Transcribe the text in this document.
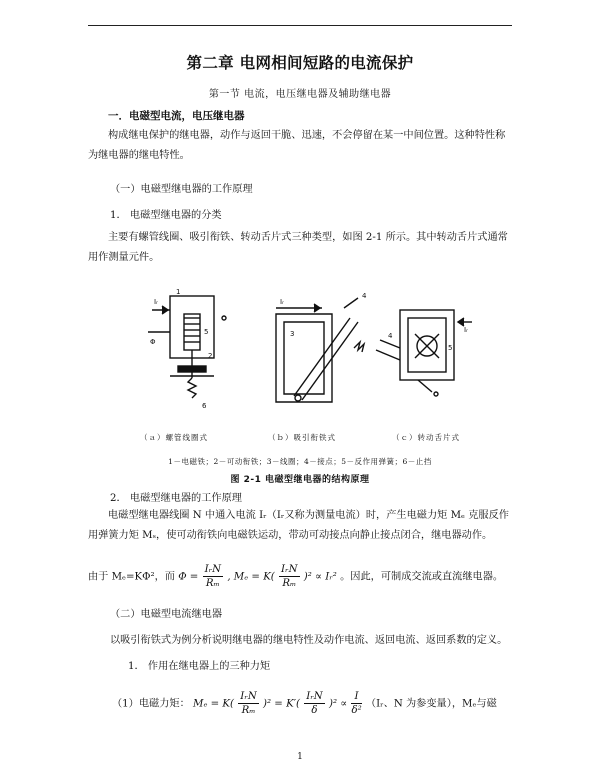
第二章 电网相间短路的电流保护
第一节 电流，电压继电器及辅助继电器
一．电磁型电流，电压继电器
构成继电保护的继电器，动作与返回干脆、迅速，不会停留在某一中间位置。这种特性称为继电器的继电特性。
（一）电磁型继电器的工作原理
1． 电磁型继电器的分类
主要有螺管线圈、吸引衔铁、转动舌片式三种类型，如图 2-1 所示。其中转动舌片式通常用作测量元件。
Iᵣ
Φ
1
5
2
6
Iᵣ
3
4
Iᵣ
4
5
（ａ）螺管线圈式	（ｂ）吸引衔铁式	（ｃ）转动舌片式
1－电磁铁；2－可动衔铁；3－线圈；4－接点；5－反作用弹簧；6－止挡
图 2-1 电磁型继电器的结构原理
2． 电磁型继电器的工作原理
电磁型继电器线圈 N 中通入电流 Iᵣ（Iᵣ又称为测量电流）时，产生电磁力矩 Mₑ 克服反作用弹簧力矩 Mₛ，使可动衔铁向电磁铁运动，带动可动接点向静止接点闭合，继电器动作。
由于 Mₑ=KΦ²，而 $\Phi = \frac{\text{IᵣN}}{\text{Rₘ}}$ , $M_e = K( \frac{\text{IᵣN}}{\text{Rₘ}} )^2$ ∝ Iᵣ² 。因此，可制成交流或直流继电器。
（二）电磁型电流继电器
以吸引衔铁式为例分析说明继电器的继电特性及动作电流、返回电流、返回系数的定义。
1． 作用在继电器上的三种力矩
（1）电磁力矩： $M_e = K( \frac{\text{IᵣN}}{\text{Rₘ}} )^2 = K'( \frac{\text{IᵣN}}{\delta} )^2 \propto \frac{I}{\text{δ²}}$ （Iᵣ、N 为参变量），Mₑ与磁
1
